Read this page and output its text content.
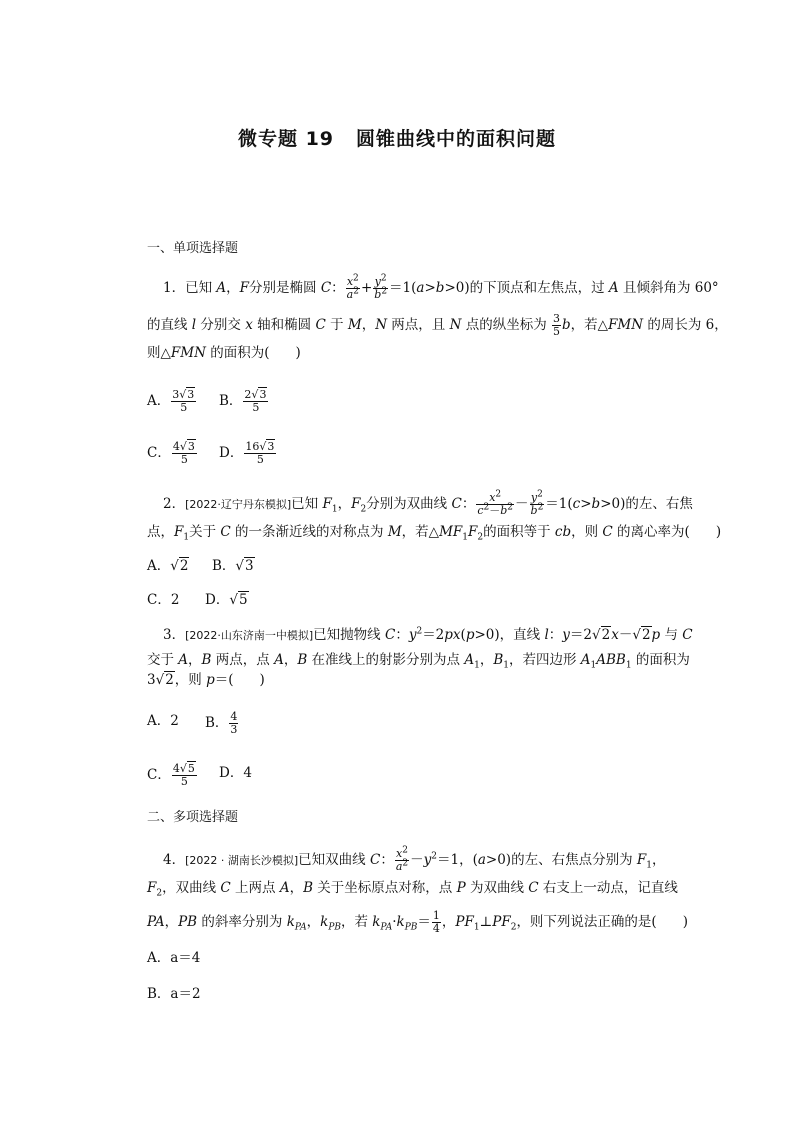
微专题 19 圆锥曲线中的面积问题
一、单项选择题
1．已知 A，F分别是椭圆 C： $\frac{x^2}{a^2} + \frac{y^2}{b^2} =1(a>b>0)$的下顶点和左焦点，过 A 且倾斜角为 60°
的直线 l 分别交 x 轴和椭圆 C 于 M，N 两点，且 N 点的纵坐标为 $\frac{3}{5}$ b，若△FMN 的周长为 6，
则△FMN 的面积为( )
A． $\frac{3√3}{5}$ B． $\frac{2√3}{5}$
C． $\frac{4√3}{5}$ D． $\frac{16√3}{5}$
2．[2022·辽宁丹东模拟]已知 $F_1$，$F_2$分别为双曲线 C： $\frac{x^2}{c^2-b^2} - \frac{y^2}{b^2} =1(c>b>0)$的左、右焦
点，$F_1$关于 C 的一条渐近线的对称点为 M，若$\triangle MF_1F_2$的面积等于 cb，则 C 的离心率为( )
A．√2 B．√3
C．2 D．√5
3．[2022·山东济南一中模拟]已知抛物线 C：$y^2=2px(p>0)$，直线 l：y＝2√2x－√2p 与 C
交于 A，B 两点，点 A，B 在准线上的射影分别为点 $A_1$，$B_1$，若四边形 $A_1ABB_1$ 的面积为
3√2，则 p＝( )
A．2 B． $\frac{4}{3}$
C． $\frac{4√5}{5}$ D．4
二、多项选择题
4．[2022 · 湖南长沙模拟]已知双曲线 C： $\frac{x^2}{a^2} -y^2=1$，(a>0)的左、右焦点分别为 $F_1$，
$F_2$，双曲线 C 上两点 A，B 关于坐标原点对称，点 P 为双曲线 C 右支上一动点，记直线
PA，PB 的斜率分别为 $k_{PA}$，$k_{PB}$，若 $k_{PA}\cdot k_{PB}= \frac{1}{4}$ ，$PF_1\perp PF_2$，则下列说法正确的是( )
A．a＝4
B．a＝2
